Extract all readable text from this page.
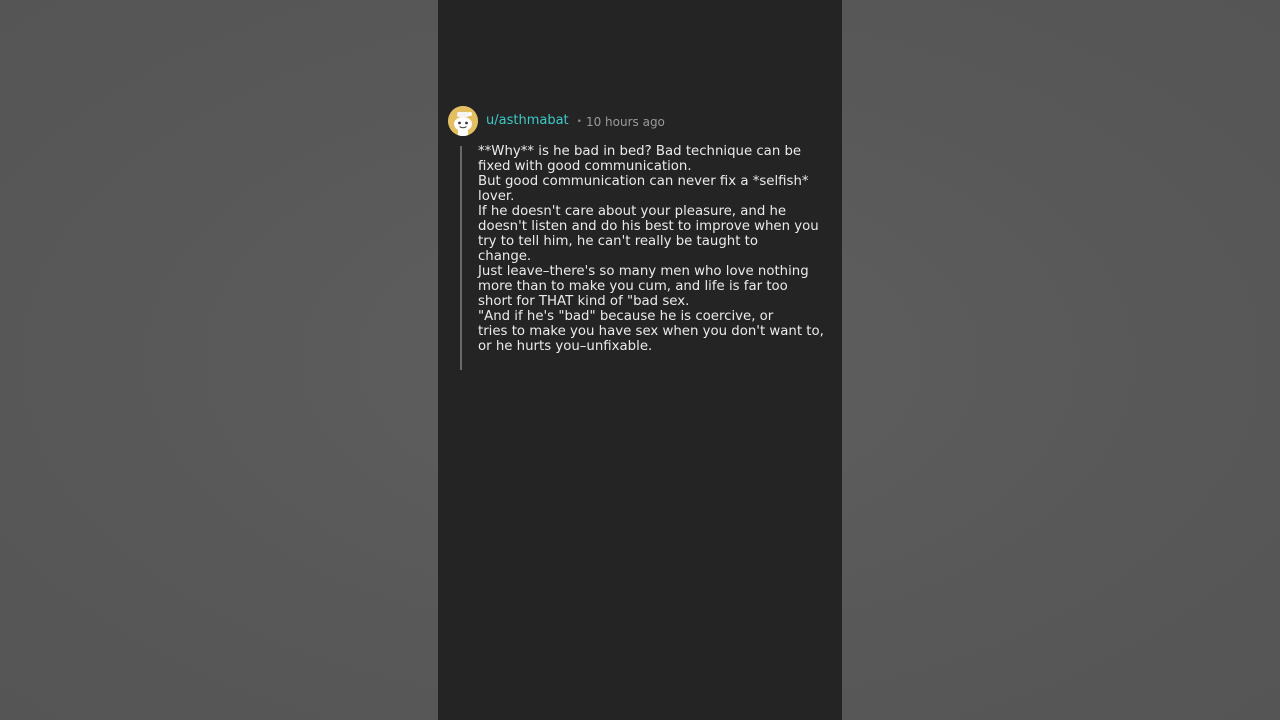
u/asthmabat • 10 hours ago
**Why** is he bad in bed? Bad technique can be
fixed with good communication.
But good communication can never fix a *selfish*
lover.
If he doesn't care about your pleasure, and he
doesn't listen and do his best to improve when you
try to tell him, he can't really be taught to
change.
Just leave–there's so many men who love nothing
more than to make you cum, and life is far too
short for THAT kind of "bad sex.
"And if he's "bad" because he is coercive, or
tries to make you have sex when you don't want to,
or he hurts you–unfixable.
